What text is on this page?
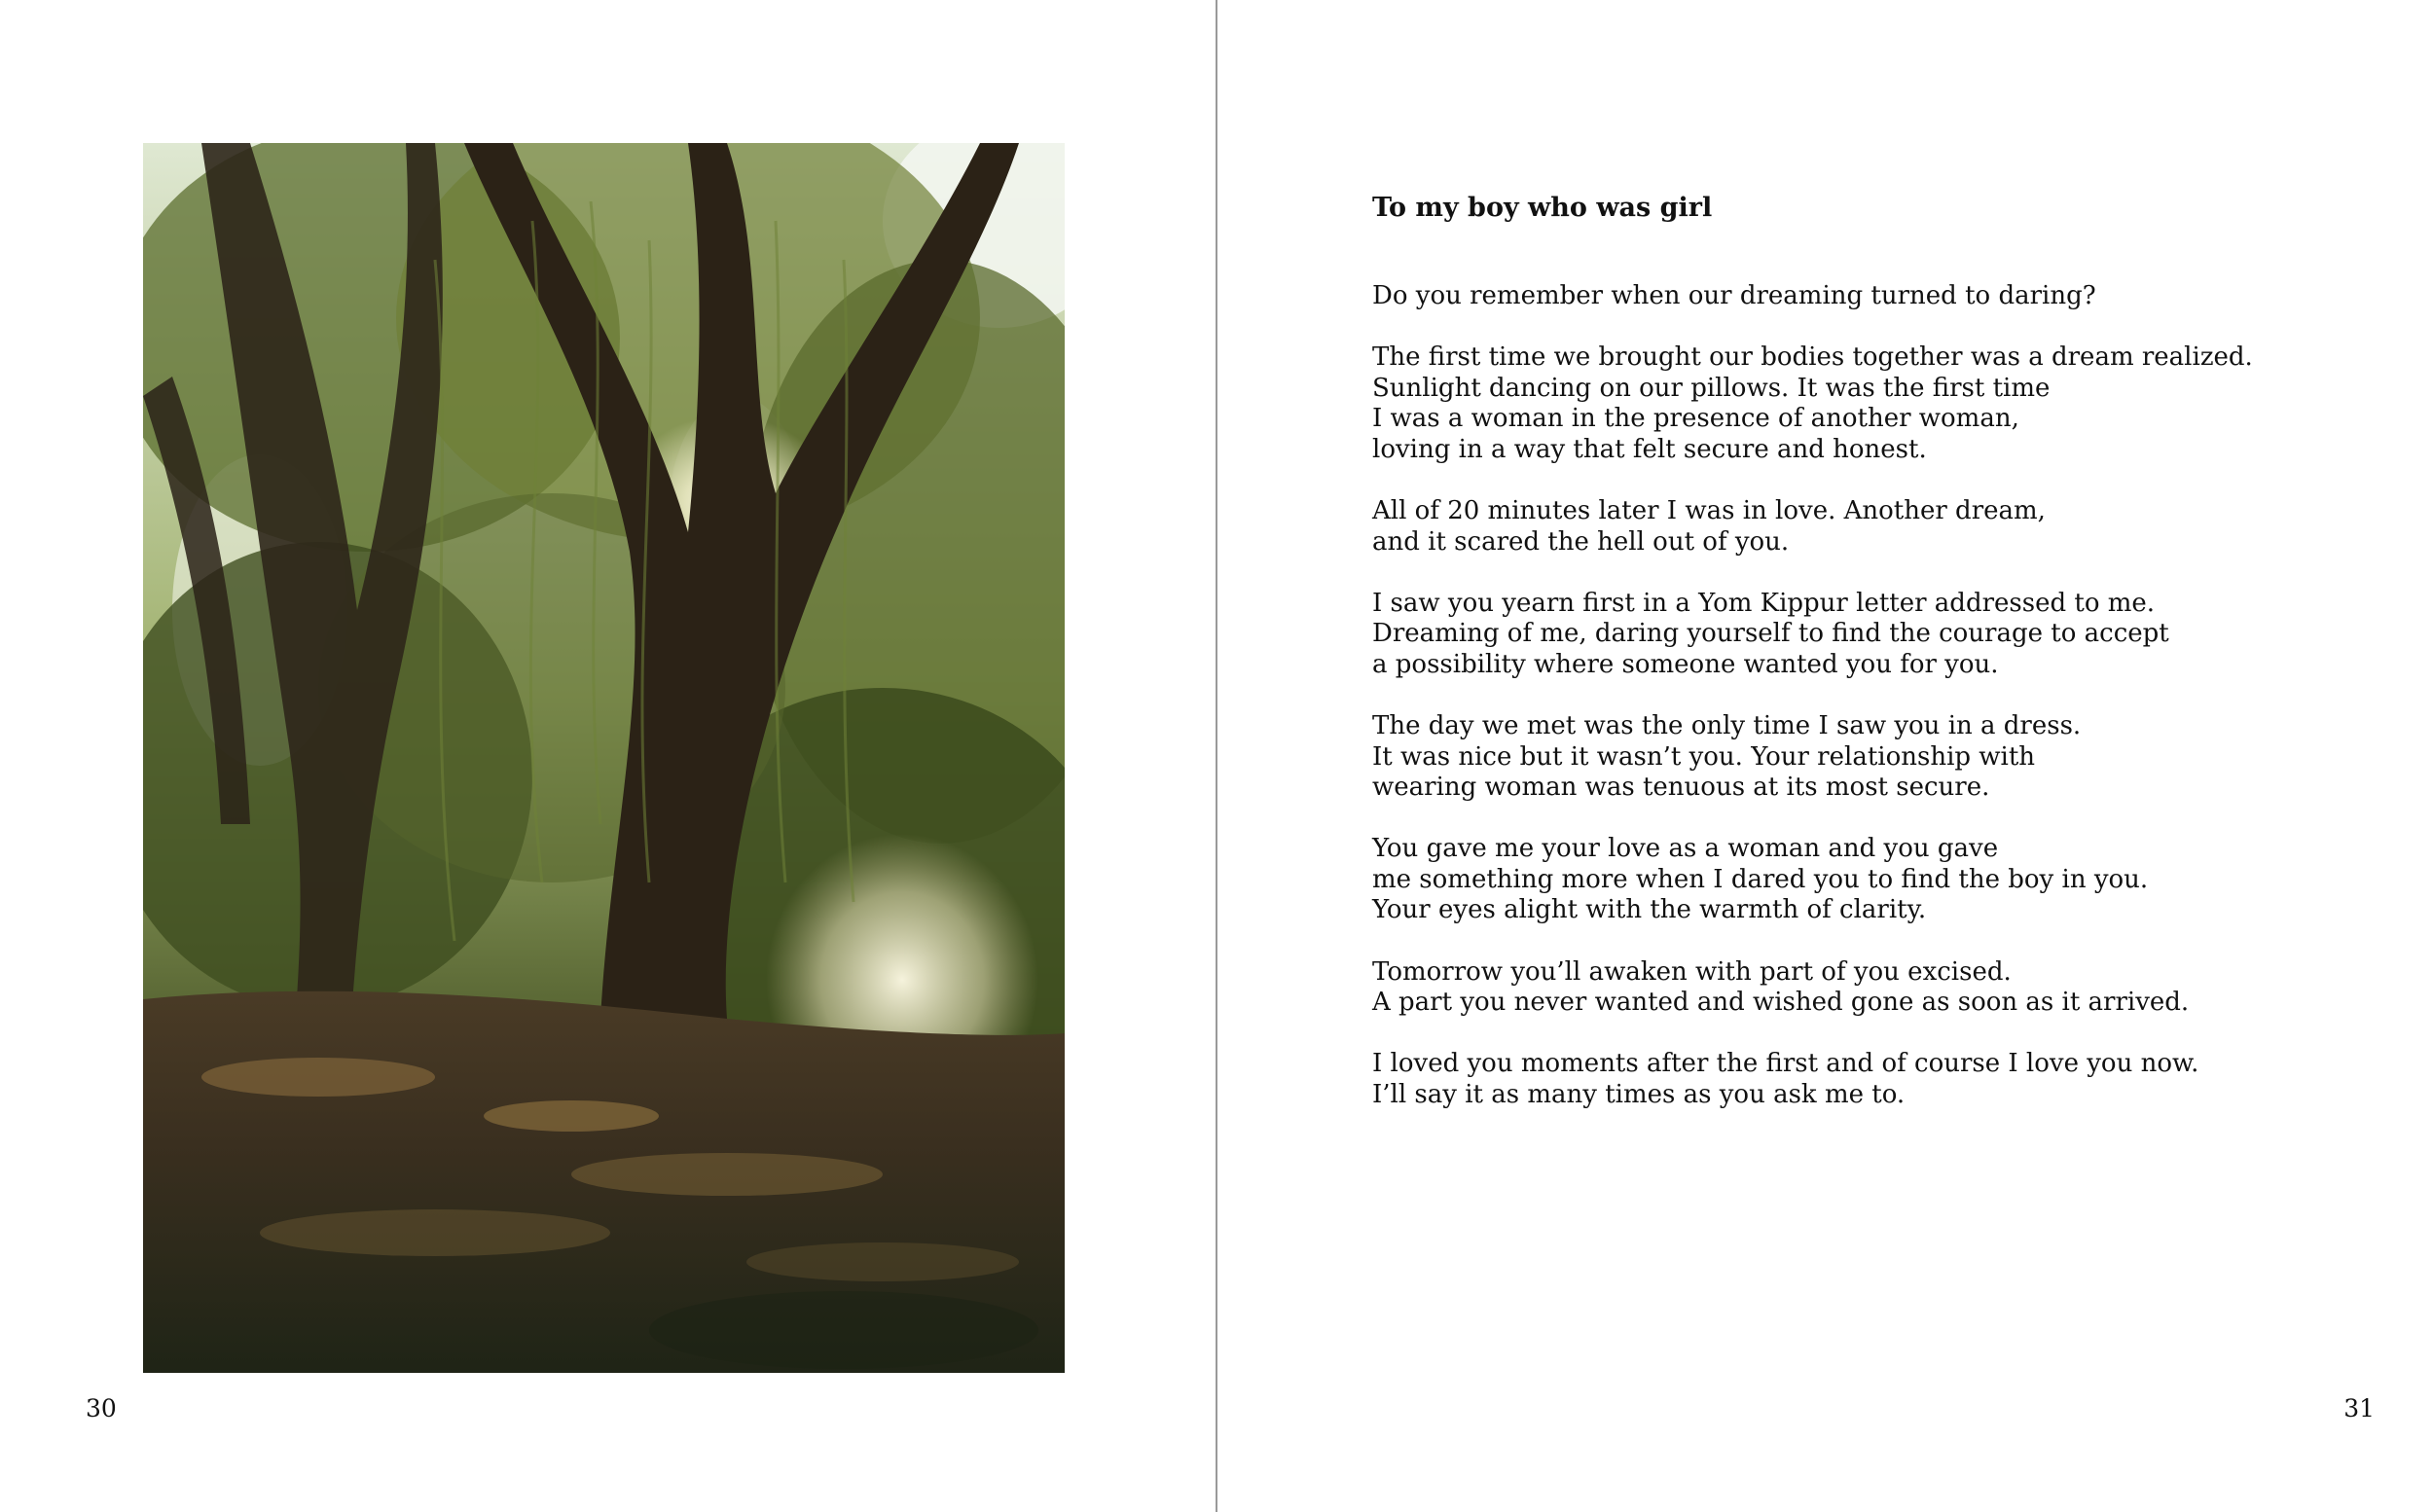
30
To my boy who was girl
Do you remember when our dreaming turned to daring?
The first time we brought our bodies together was a dream realized.
Sunlight dancing on our pillows. It was the first time
I was a woman in the presence of another woman,
loving in a way that felt secure and honest.
All of 20 minutes later I was in love. Another dream,
and it scared the hell out of you.
I saw you yearn first in a Yom Kippur letter addressed to me.
Dreaming of me, daring yourself to find the courage to accept
a possibility where someone wanted you for you.
The day we met was the only time I saw you in a dress.
It was nice but it wasn’t you. Your relationship with
wearing woman was tenuous at its most secure.
You gave me your love as a woman and you gave
me something more when I dared you to find the boy in you.
Your eyes alight with the warmth of clarity.
Tomorrow you’ll awaken with part of you excised.
A part you never wanted and wished gone as soon as it arrived.
I loved you moments after the first and of course I love you now.
I’ll say it as many times as you ask me to.
31
